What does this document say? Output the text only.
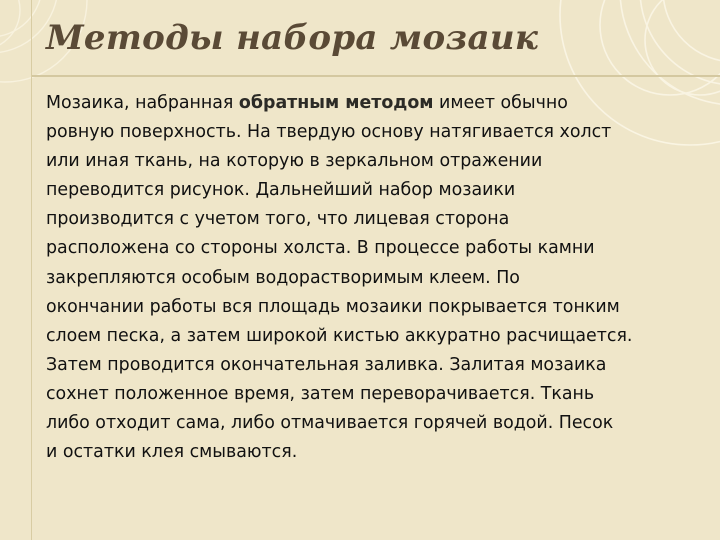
Методы набора мозаик

Мозаика, набранная обратным методом имеет обычно
ровную поверхность. На твердую основу натягивается холст
или иная ткань, на которую в зеркальном отражении
переводится рисунок. Дальнейший набор мозаики
производится с учетом того, что лицевая сторона
расположена со стороны холста. В процессе работы камни
закрепляются особым водорастворимым клеем. По
окончании работы вся площадь мозаики покрывается тонким
слоем песка, а затем широкой кистью аккуратно расчищается.
Затем проводится окончательная заливка. Залитая мозаика
сохнет положенное время, затем переворачивается. Ткань
либо отходит сама, либо отмачивается горячей водой. Песок
и остатки клея смываются.
